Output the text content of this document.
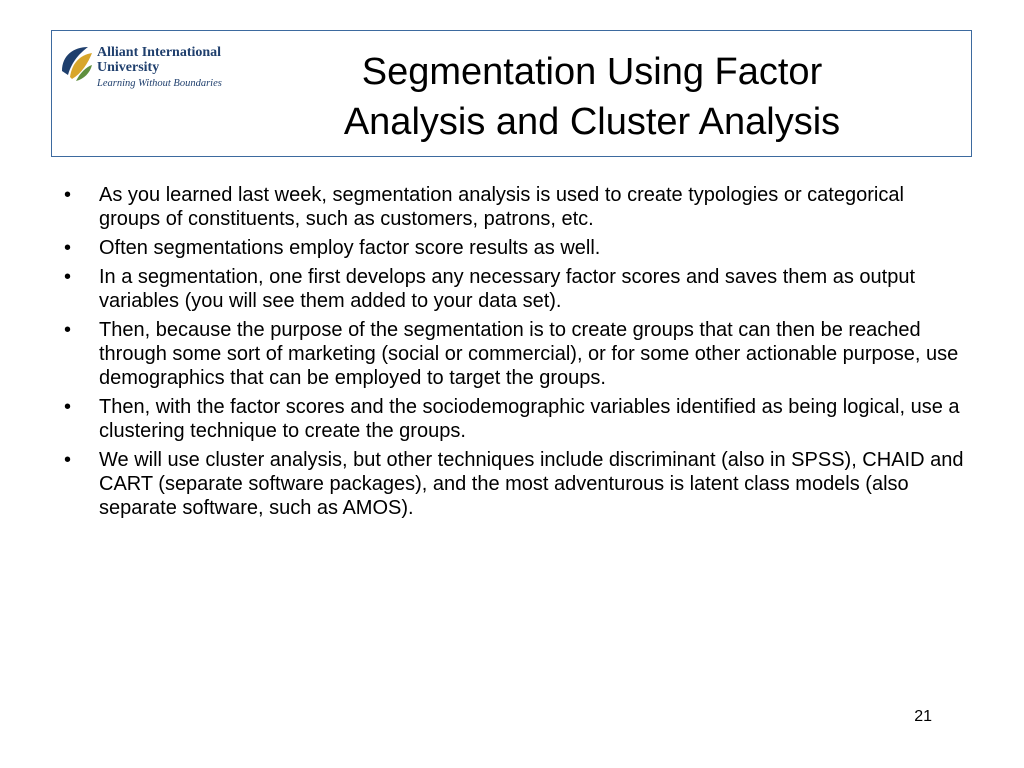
Alliant International
University
Learning Without Boundaries	Segmentation Using Factor
Analysis and Cluster Analysis
• As you learned last week, segmentation analysis is used to create typologies or categorical groups of constituents, such as customers, patrons, etc.
• Often segmentations employ factor score results as well.
• In a segmentation, one first develops any necessary factor scores and saves them as output variables (you will see them added to your data set).
• Then, because the purpose of the segmentation is to create groups that can then be reached through some sort of marketing (social or commercial), or for some other actionable purpose, use demographics that can be employed to target the groups.
• Then, with the factor scores and the sociodemographic variables identified as being logical, use a clustering technique to create the groups.
• We will use cluster analysis, but other techniques include discriminant (also in SPSS), CHAID and CART (separate software packages), and the most adventurous is latent class models (also separate software, such as AMOS).
21
